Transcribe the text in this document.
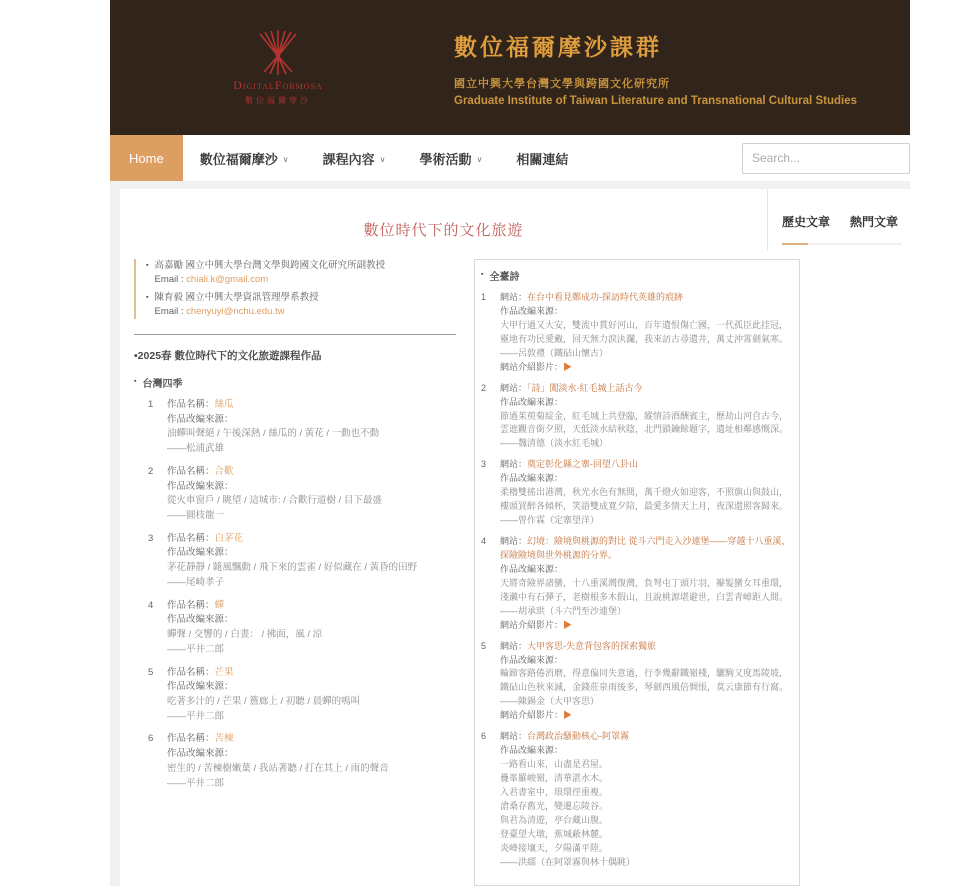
DigitalFormosa
數位福爾摩沙
數位福爾摩沙課群
國立中興大學台灣文學與跨國文化研究所
Graduate Institute of Taiwan Literature and Transnational Cultural Studies
Home	數位福爾摩沙 ∨	課程內容 ∨	學術活動 ∨	相關連結
Search...
數位時代下的文化旅遊	歷史文章 熱門文章
▪ 高嘉勵 國立中興大學台灣文學與跨國文化研究所副教授
Email : chiali.k@gmail.com
▪ 陳育毅 國立中興大學資訊管理學系教授
Email : chenyuyi@nchu.edu.tw
•2025春 數位時代下的文化旅遊課程作品
▪ 台灣四季
1	作品名稱：絲瓜
作品改編來源：
油蟬叫聲絕 / 午後深熱 / 絲瓜的 / 黃花 / 一動也不動
——松浦武雄
2	作品名稱：合歡
作品改編來源：
從火車窗戶 / 眺望 / 這城市: / 合歡行道樹 / 目下最盛
——圓枝龍一
3	作品名稱：白茅花
作品改編來源：
茅花靜靜 / 隨風飄動 / 飛下來的雲雀 / 好似藏在 / 黃昏的田野
——尾崎孝子
4	作品名稱：蟬
作品改編來源：
蟬聲 / 交響的 / 白晝： / 拂面，風 / 涼
——平井二郎
5	作品名稱：芒果
作品改編來源：
吃著多汁的 / 芒果 / 簷廊上 / 初聽 / 晨蟬的鳴叫
——平井二郎
6	作品名稱：苦楝
作品改編來源：
密生的 / 苦楝樹嫩葉 / 我站著聽 / 打在其上 / 雨的聲音
——平井二郎
▪ 全臺詩
1	網站：在台中看見鄭成功-探訪時代英雄的痕跡
作品改編來源：
大甲行過又大安，雙流中貫好河山，百年遺恨傷亡國，一代孤臣此挂冠，
靈地有功民愛戴，回天無力淚汍瀾，我來訪古尋遺井，萬丈沖霄劍氣寒。
——呂敦禮（鐵砧山懷古）
網站介紹影片：▶
2	網站：「詩」闖淡水·紅毛城上話古今
作品改編來源：
節過茱萸菊綻金，紅毛城上共登臨，縱情詩酒酬賓主，歷劫山河自古今，
雲遮觀音銜夕照，天低淡水結秋陰，北門鎖鑰餘題字，遺址相鄰感慨深。
——魏清德（淡水紅毛城）
3	網站：奠定彰化縣之寨-回望八卦山
作品改編來源：
柔櫓雙搖出港灣，秋光水色有無間，萬千燈火如迎客，不照旗山與鼓山，
樓頭買醉各傾杯，笑語雙成寬夕陪，最愛多情天上月，夜深還照客歸來。
——曾作霖（定寨望洋）
4	網站：幻境：險境與桃源的對比 從斗六門走入沙連堡——穿越十八重溪，探險險境與世外桃源的分界。
作品改編來源：
天將奇險界諸蠻，十八重溪灣復灣，負弩屯丁頭片羽，辮髮蠻女耳重環，
淺瀨中有石彈子，老樹根多木假山，且說桃源堪避世，白雲青嶂距人間。
——胡承珙（斗六門至沙連堡）
網站介紹影片：▶
5	網站：大甲客思-失意背包客的探索獨旅
作品改編來源：
輪蹄客路倦消磨，得意偏同失意過，行李幾辭鐵嶺棧，驪駒又度馬陵坡，
鐵砧山色秋來減，金錢莊泉雨後多，琴劍西風倍惆悵，莫云康節有行窩。
——陳錫金（大甲客思）
網站介紹影片：▶
6	網站：台灣政治騷動核心-阿罩霧
作品改編來源：
一路看山來，山盡是君屋。
疊峯羅峻嶺，清華湛水木。
入君書室中，琅環徑重複。
滄桑存舊光，變遷忘陵谷。
與君為清遊，亭台藏山腹。
登臺望大墩，蕉城蔽林麓。
炎峰接壤天，夕陽滿平陸。
——洪繻（在阿罩霧與林十偶眺）
